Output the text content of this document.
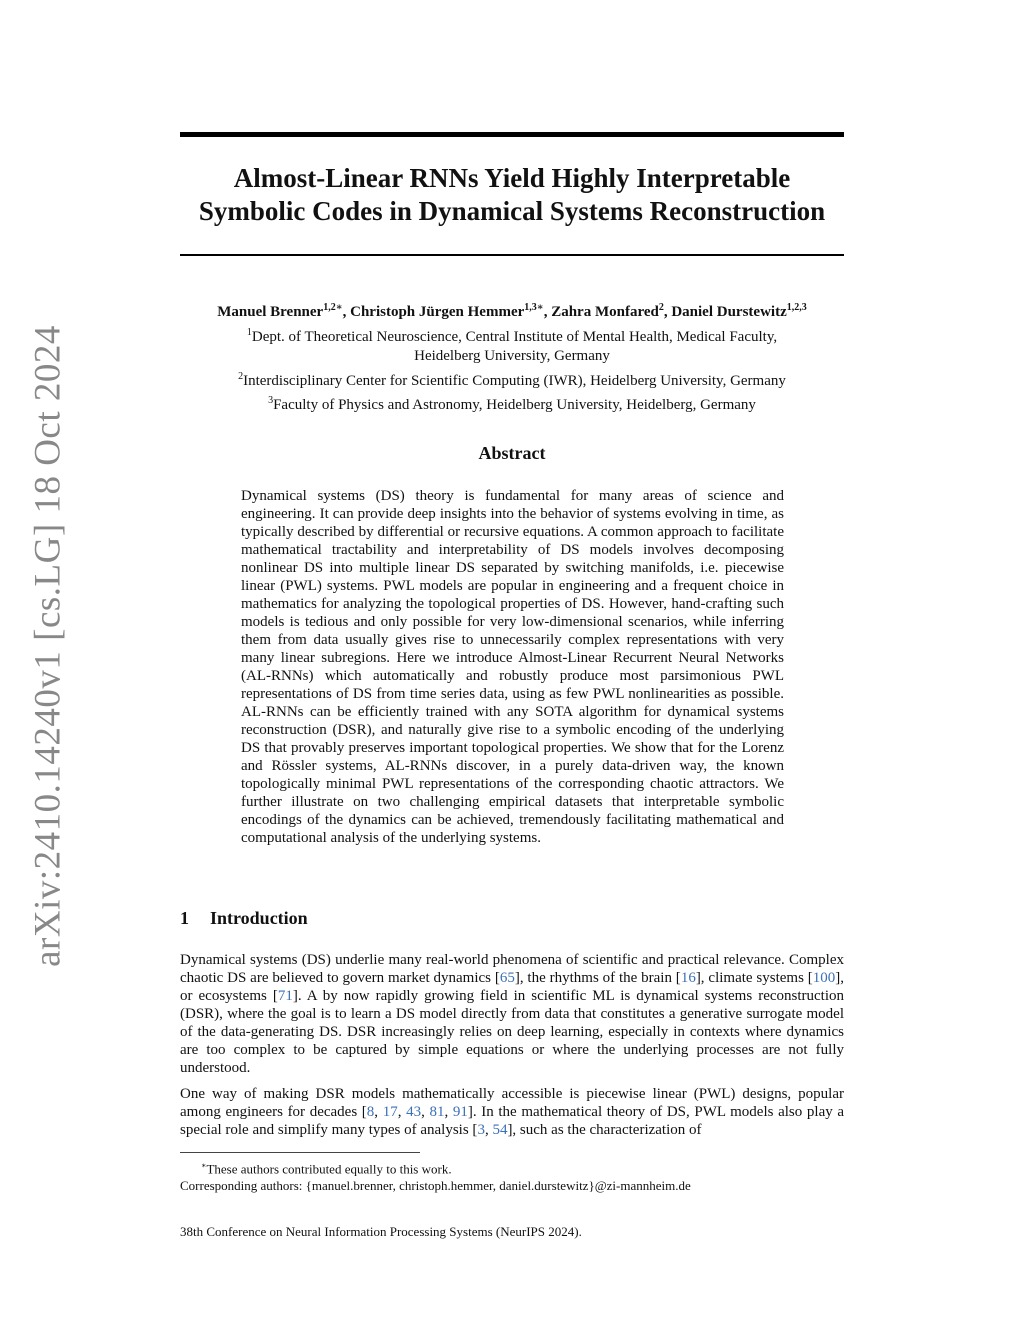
arXiv:2410.14240v1 [cs.LG] 18 Oct 2024
Almost-Linear RNNs Yield Highly Interpretable
Symbolic Codes in Dynamical Systems Reconstruction
Manuel Brenner$^{1,2∗}$, Christoph Jürgen Hemmer$^{1,3∗}$, Zahra Monfared$^2$, Daniel Durstewitz$^{1,2,3}$
$^1$Dept. of Theoretical Neuroscience, Central Institute of Mental Health, Medical Faculty,
Heidelberg University, Germany
$^2$Interdisciplinary Center for Scientific Computing (IWR), Heidelberg University, Germany
$^3$Faculty of Physics and Astronomy, Heidelberg University, Heidelberg, Germany
Abstract
Dynamical systems (DS) theory is fundamental for many areas of science and engineering. It can provide deep insights into the behavior of systems evolving in time, as typically described by differential or recursive equations. A common approach to facilitate mathematical tractability and interpretability of DS models involves decomposing nonlinear DS into multiple linear DS separated by switching manifolds, i.e. piecewise linear (PWL) systems. PWL models are popular in engineering and a frequent choice in mathematics for analyzing the topological properties of DS. However, hand-crafting such models is tedious and only possible for very low-dimensional scenarios, while inferring them from data usually gives rise to unnecessarily complex representations with very many linear subregions. Here we introduce Almost-Linear Recurrent Neural Networks (AL-RNNs) which automatically and robustly produce most parsimonious PWL representations of DS from time series data, using as few PWL nonlinearities as possible. AL-RNNs can be efficiently trained with any SOTA algorithm for dynamical systems reconstruction (DSR), and naturally give rise to a symbolic encoding of the underlying DS that provably preserves important topological properties. We show that for the Lorenz and Rössler systems, AL-RNNs discover, in a purely data-driven way, the known topologically minimal PWL representations of the corresponding chaotic attractors. We further illustrate on two challenging empirical datasets that interpretable symbolic encodings of the dynamics can be achieved, tremendously facilitating mathematical and computational analysis of the underlying systems.
1 Introduction

Dynamical systems (DS) underlie many real-world phenomena of scientific and practical relevance. Complex chaotic DS are believed to govern market dynamics [65], the rhythms of the brain [16], climate systems [100], or ecosystems [71]. A by now rapidly growing field in scientific ML is dynamical systems reconstruction (DSR), where the goal is to learn a DS model directly from data that constitutes a generative surrogate model of the data-generating DS. DSR increasingly relies on deep learning, especially in contexts where dynamics are too complex to be captured by simple equations or where the underlying processes are not fully understood.

One way of making DSR models mathematically accessible is piecewise linear (PWL) designs, popular among engineers for decades [8, 17, 43, 81, 91]. In the mathematical theory of DS, PWL models also play a special role and simplify many types of analysis [3, 54], such as the characterization of

∗These authors contributed equally to this work.
Corresponding authors: {manuel.brenner, christoph.hemmer, daniel.durstewitz}@zi-mannheim.de
38th Conference on Neural Information Processing Systems (NeurIPS 2024).
